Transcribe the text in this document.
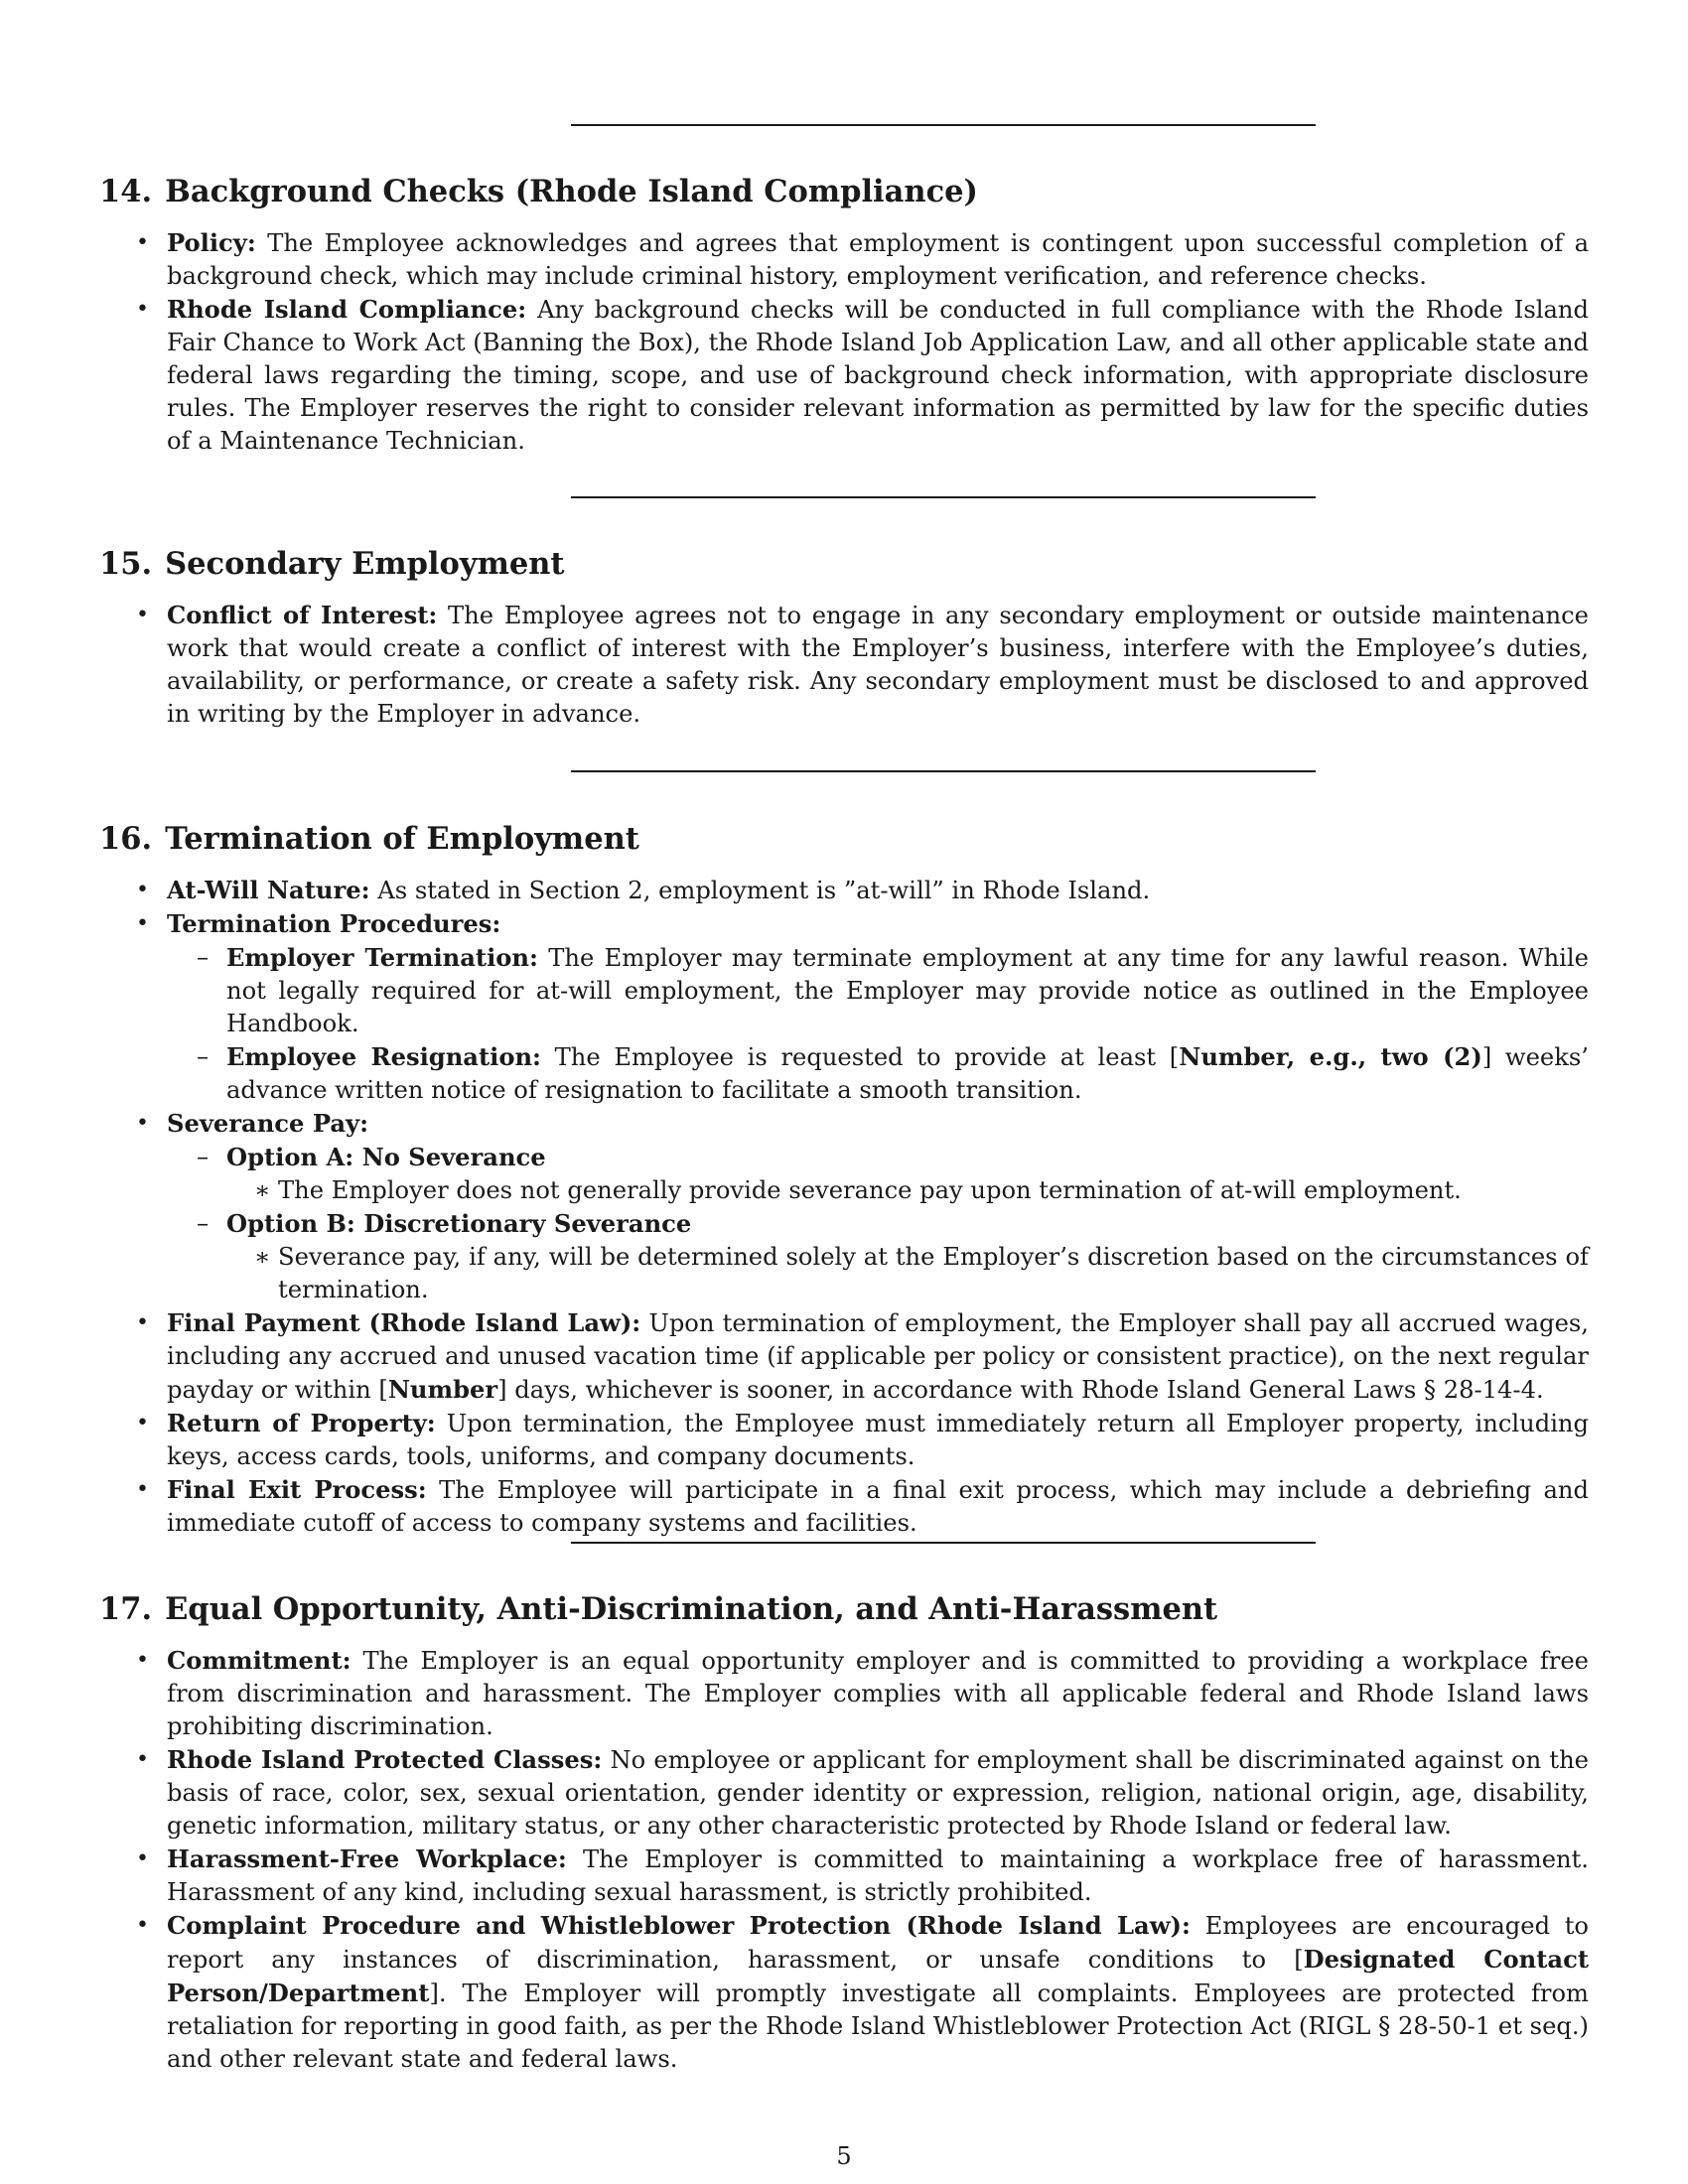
14. Background Checks (Rhode Island Compliance)
• Policy: The Employee acknowledges and agrees that employment is contingent upon successful completion of a background check, which may include criminal history, employment verification, and reference checks.
• Rhode Island Compliance: Any background checks will be conducted in full compliance with the Rhode Island Fair Chance to Work Act (Banning the Box), the Rhode Island Job Application Law, and all other applicable state and federal laws regarding the timing, scope, and use of background check information, with appropriate disclosure rules. The Employer reserves the right to consider relevant information as permitted by law for the specific duties of a Maintenance Technician.
15. Secondary Employment
• Conflict of Interest: The Employee agrees not to engage in any secondary employment or outside maintenance work that would create a conflict of interest with the Employer’s business, interfere with the Employee’s duties, availability, or performance, or create a safety risk. Any secondary employment must be disclosed to and approved in writing by the Employer in advance.
16. Termination of Employment
• At-Will Nature: As stated in Section 2, employment is ”at-will” in Rhode Island.
• Termination Procedures:
– Employer Termination: The Employer may terminate employment at any time for any lawful reason. While not legally required for at-will employment, the Employer may provide notice as outlined in the Employee Handbook.
– Employee Resignation: The Employee is requested to provide at least [Number, e.g., two (2)] weeks’ advance written notice of resignation to facilitate a smooth transition.
• Severance Pay:
– Option A: No Severance
∗ The Employer does not generally provide severance pay upon termination of at-will employment.
– Option B: Discretionary Severance
∗ Severance pay, if any, will be determined solely at the Employer’s discretion based on the circumstances of termination.
• Final Payment (Rhode Island Law): Upon termination of employment, the Employer shall pay all accrued wages, including any accrued and unused vacation time (if applicable per policy or consistent practice), on the next regular payday or within [Number] days, whichever is sooner, in accordance with Rhode Island General Laws § 28-14-4.
• Return of Property: Upon termination, the Employee must immediately return all Employer property, including keys, access cards, tools, uniforms, and company documents.
• Final Exit Process: The Employee will participate in a final exit process, which may include a debriefing and immediate cutoff of access to company systems and facilities.
17. Equal Opportunity, Anti-Discrimination, and Anti-Harassment
• Commitment: The Employer is an equal opportunity employer and is committed to providing a workplace free from discrimination and harassment. The Employer complies with all applicable federal and Rhode Island laws prohibiting discrimination.
• Rhode Island Protected Classes: No employee or applicant for employment shall be discriminated against on the basis of race, color, sex, sexual orientation, gender identity or expression, religion, national origin, age, disability, genetic information, military status, or any other characteristic protected by Rhode Island or federal law.
• Harassment-Free Workplace: The Employer is committed to maintaining a workplace free of harassment. Harassment of any kind, including sexual harassment, is strictly prohibited.
• Complaint Procedure and Whistleblower Protection (Rhode Island Law): Employees are encouraged to report any instances of discrimination, harassment, or unsafe conditions to [Designated Contact Person/Department]. The Employer will promptly investigate all complaints. Employees are protected from retaliation for reporting in good faith, as per the Rhode Island Whistleblower Protection Act (RIGL § 28-50-1 et seq.) and other relevant state and federal laws.
5
